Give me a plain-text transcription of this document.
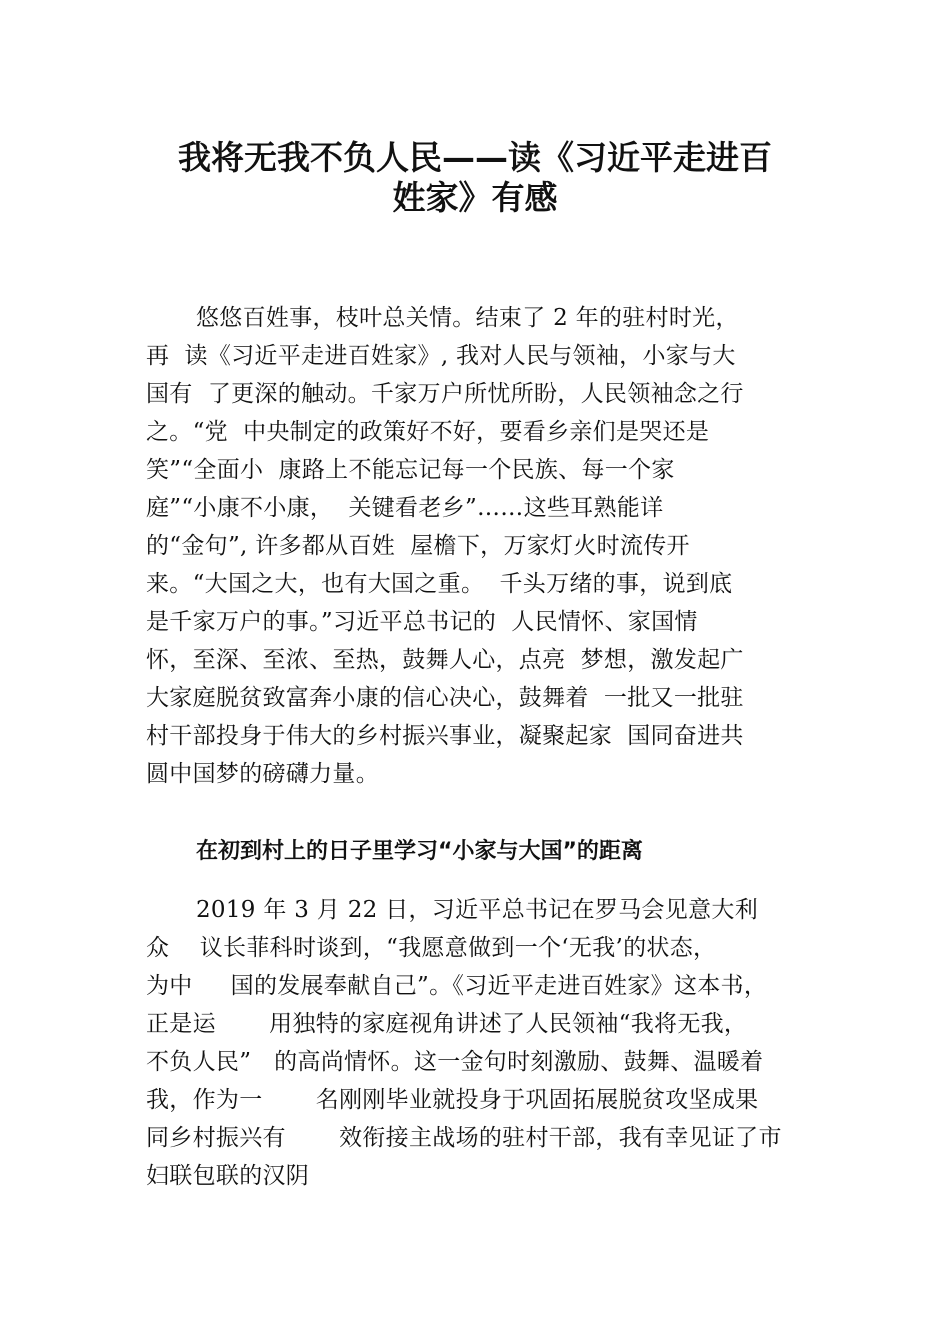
我将无我不负人民——读《习近平走进百
姓家》有感
悠悠百姓事，枝叶总关情。结束了 2 年的驻村时光，
再  读《习近平走进百姓家》, 我对人民与领袖，小家与大
国有  了更深的触动。千家万户所忧所盼，人民领袖念之行
之。“党  中央制定的政策好不好，要看乡亲们是哭还是
笑”“全面小  康路上不能忘记每一个民族、每一个家
庭”“小康不小康，  关键看老乡”……这些耳熟能详
的“金句”, 许多都从百姓  屋檐下，万家灯火时流传开
来。“大国之大，也有大国之重。  千头万绪的事，说到底
是千家万户的事。”习近平总书记的  人民情怀、家国情
怀，至深、至浓、至热，鼓舞人心，点亮  梦想，激发起广
大家庭脱贫致富奔小康的信心决心，鼓舞着  一批又一批驻
村干部投身于伟大的乡村振兴事业，凝聚起家  国同奋进共
圆中国梦的磅礴力量。
在初到村上的日子里学习“小家与大国”的距离
2019 年 3 月 22 日，习近平总书记在罗马会见意大利
众    议长菲科时谈到，“我愿意做到一个‘无我’的状态，
为中     国的发展奉献自己”。《习近平走进百姓家》这本书，
正是运       用独特的家庭视角讲述了人民领袖“我将无我，
不负人民”   的高尚情怀。这一金句时刻激励、鼓舞、温暖着
我，作为一       名刚刚毕业就投身于巩固拓展脱贫攻坚成果
同乡村振兴有       效衔接主战场的驻村干部，我有幸见证了市
妇联包联的汉阴
